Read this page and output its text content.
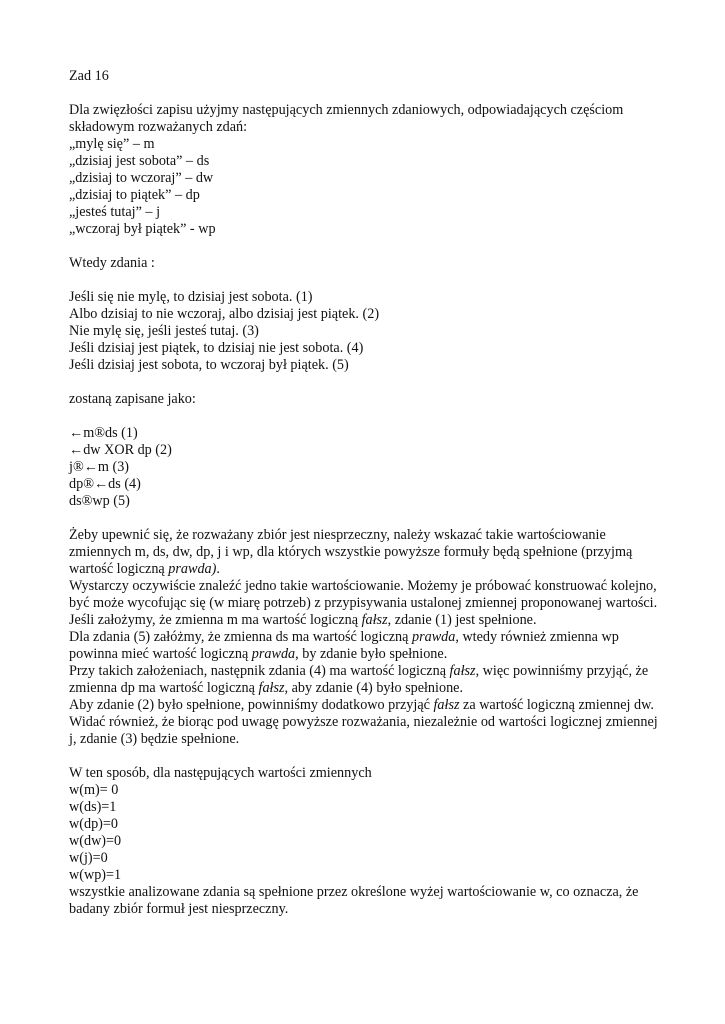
Zad 16
Dla zwięzłości zapisu użyjmy następujących zmiennych zdaniowych, odpowiadających częściom składowym rozważanych zdań:
„mylę się” – m
„dzisiaj jest sobota” – ds
„dzisiaj to wczoraj” – dw
„dzisiaj to piątek” – dp
„jesteś tutaj” – j
„wczoraj był piątek” - wp
Wtedy zdania :
Jeśli się nie mylę, to dzisiaj jest sobota. (1)
Albo dzisiaj to nie wczoraj, albo dzisiaj jest piątek. (2)
Nie mylę się, jeśli jesteś tutaj. (3)
Jeśli dzisiaj jest piątek, to dzisiaj nie jest sobota. (4)
Jeśli dzisiaj jest sobota, to wczoraj był piątek. (5)
zostaną zapisane jako:
←m®ds (1)
←dw XOR dp (2)
j®←m (3)
dp®←ds (4)
ds®wp (5)
Żeby upewnić się, że rozważany zbiór jest niesprzeczny, należy wskazać takie wartościowanie zmiennych m, ds, dw, dp, j i wp, dla których wszystkie powyższe formuły będą spełnione (przyjmą wartość logiczną prawda).
Wystarczy oczywiście znaleźć jedno takie wartościowanie. Możemy je próbować konstruować kolejno, być może wycofując się (w miarę potrzeb) z przypisywania ustalonej zmiennej proponowanej wartości.
Jeśli założymy, że zmienna m ma wartość logiczną fałsz, zdanie (1) jest spełnione.
Dla zdania (5) załóżmy, że zmienna ds ma wartość logiczną prawda, wtedy również zmienna wp powinna mieć wartość logiczną prawda, by zdanie było spełnione.
Przy takich założeniach, następnik zdania (4) ma wartość logiczną fałsz, więc powinniśmy przyjąć, że zmienna dp ma wartość logiczną fałsz, aby zdanie (4) było spełnione.
Aby zdanie (2) było spełnione, powinniśmy dodatkowo przyjąć fałsz za wartość logiczną zmiennej dw.
Widać również, że biorąc pod uwagę powyższe rozważania, niezależnie od wartości logicznej zmiennej j, zdanie (3) będzie spełnione.
W ten sposób, dla następujących wartości zmiennych
w(m)= 0
w(ds)=1
w(dp)=0
w(dw)=0
w(j)=0
w(wp)=1
wszystkie analizowane zdania są spełnione przez określone wyżej wartościowanie w, co oznacza, że badany zbiór formuł jest niesprzeczny.
